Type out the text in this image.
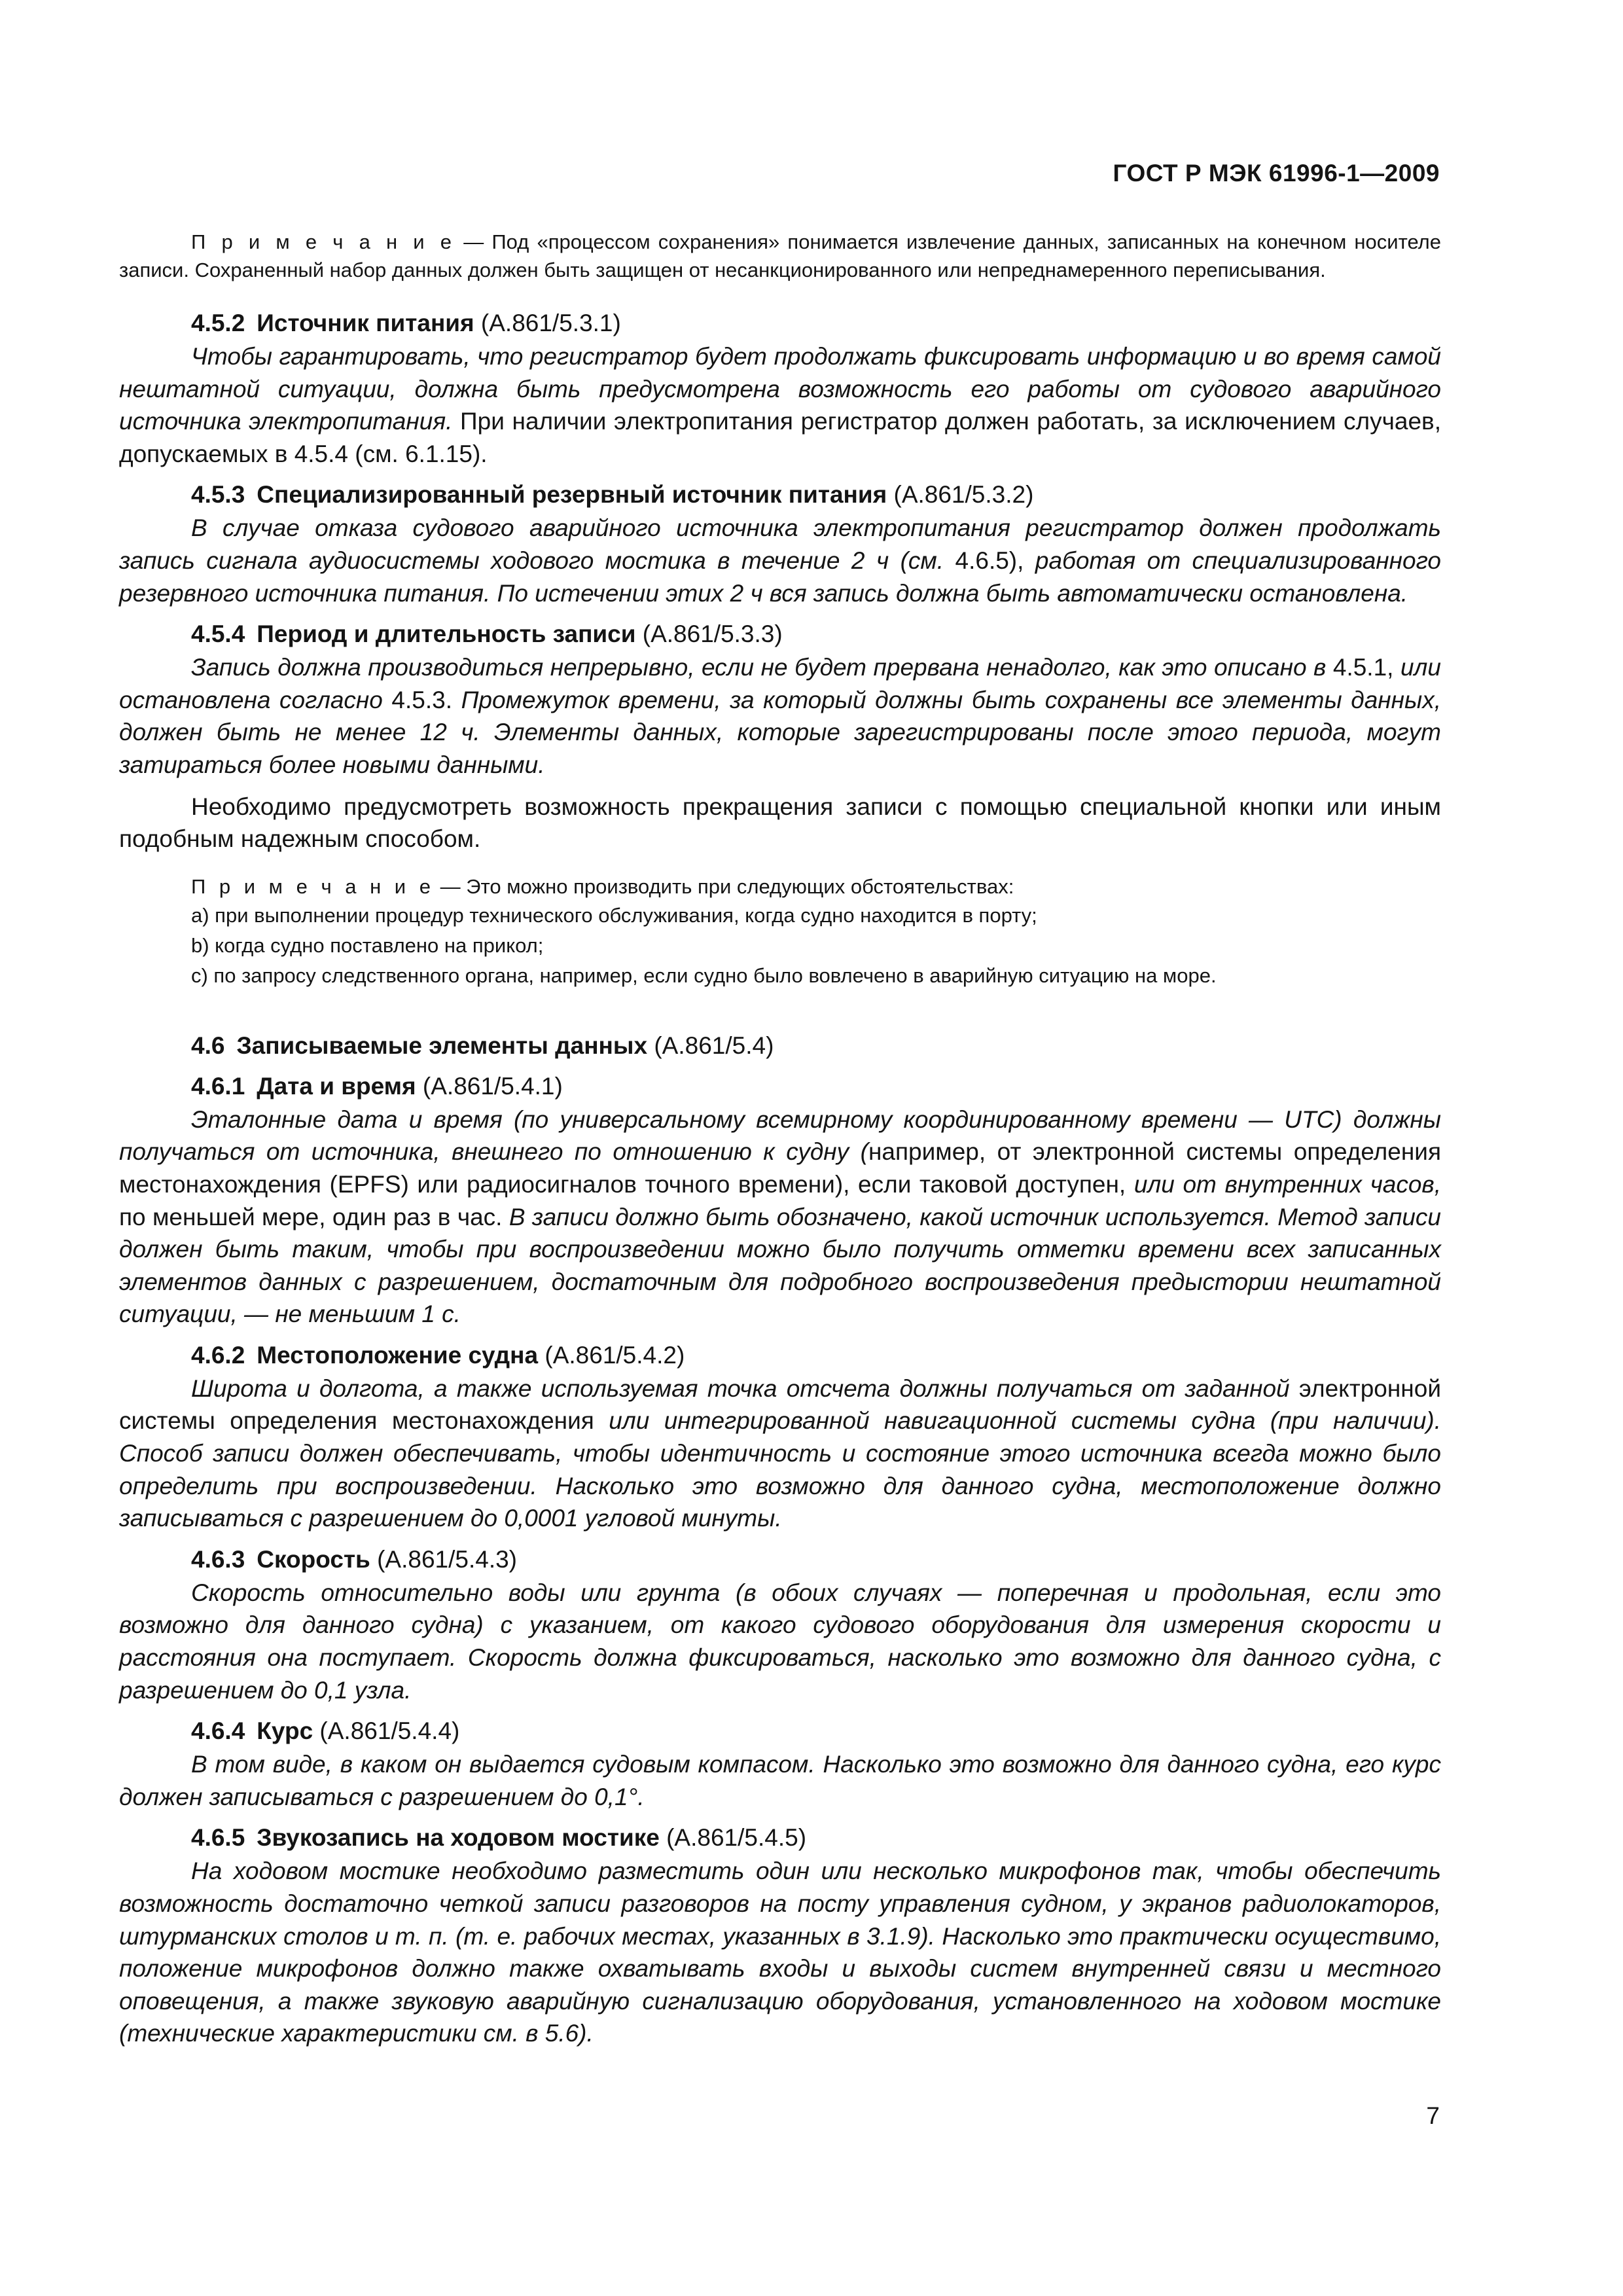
ГОСТ Р МЭК 61996-1—2009

П р и м е ч а н и е — Под «процессом сохранения» понимается извлечение данных, записанных на конечном носителе записи. Сохраненный набор данных должен быть защищен от несанкционированного или непреднамеренного переписывания.

4.5.2 Источник питания (А.861/5.3.1)

Чтобы гарантировать, что регистратор будет продолжать фиксировать информацию и во время самой нештатной ситуации, должна быть предусмотрена возможность его работы от судового аварийного источника электропитания. При наличии электропитания регистратор должен работать, за исключением случаев, допускаемых в 4.5.4 (см. 6.1.15).

4.5.3 Специализированный резервный источник питания (А.861/5.3.2)

В случае отказа судового аварийного источника электропитания регистратор должен продолжать запись сигнала аудиосистемы ходового мостика в течение 2 ч (см. 4.6.5), работая от специализированного резервного источника питания. По истечении этих 2 ч вся запись должна быть автоматически остановлена.

4.5.4 Период и длительность записи (А.861/5.3.3)

Запись должна производиться непрерывно, если не будет прервана ненадолго, как это описано в 4.5.1, или остановлена согласно 4.5.3. Промежуток времени, за который должны быть сохранены все элементы данных, должен быть не менее 12 ч. Элементы данных, которые зарегистрированы после этого периода, могут затираться более новыми данными.

Необходимо предусмотреть возможность прекращения записи с помощью специальной кнопки или иным подобным надежным способом.

П р и м е ч а н и е — Это можно производить при следующих обстоятельствах:

a) при выполнении процедур технического обслуживания, когда судно находится в порту;

b) когда судно поставлено на прикол;

c) по запросу следственного органа, например, если судно было вовлечено в аварийную ситуацию на море.

4.6 Записываемые элементы данных (А.861/5.4)

4.6.1 Дата и время (А.861/5.4.1)

Эталонные дата и время (по универсальному всемирному координированному времени — UTC) должны получаться от источника, внешнего по отношению к судну (например, от электронной системы определения местонахождения (EPFS) или радиосигналов точного времени), если таковой доступен, или от внутренних часов, по меньшей мере, один раз в час. В записи должно быть обозначено, какой источник используется. Метод записи должен быть таким, чтобы при воспроизведении можно было получить отметки времени всех записанных элементов данных с разрешением, достаточным для подробного воспроизведения предыстории нештатной ситуации, — не меньшим 1 с.

4.6.2 Местоположение судна (А.861/5.4.2)

Широта и долгота, а также используемая точка отсчета должны получаться от заданной электронной системы определения местонахождения или интегрированной навигационной системы судна (при наличии). Способ записи должен обеспечивать, чтобы идентичность и состояние этого источника всегда можно было определить при воспроизведении. Насколько это возможно для данного судна, местоположение должно записываться с разрешением до 0,0001 угловой минуты.

4.6.3 Скорость (А.861/5.4.3)

Скорость относительно воды или грунта (в обоих случаях — поперечная и продольная, если это возможно для данного судна) с указанием, от какого судового оборудования для измерения скорости и расстояния она поступает. Скорость должна фиксироваться, насколько это возможно для данного судна, с разрешением до 0,1 узла.

4.6.4 Курс (А.861/5.4.4)

В том виде, в каком он выдается судовым компасом. Насколько это возможно для данного судна, его курс должен записываться с разрешением до 0,1°.

4.6.5 Звукозапись на ходовом мостике (А.861/5.4.5)

На ходовом мостике необходимо разместить один или несколько микрофонов так, чтобы обеспечить возможность достаточно четкой записи разговоров на посту управления судном, у экранов радиолокаторов, штурманских столов и т. п. (т. е. рабочих местах, указанных в 3.1.9). Насколько это практически осуществимо, положение микрофонов должно также охватывать входы и выходы систем внутренней связи и местного оповещения, а также звуковую аварийную сигнализацию оборудования, установленного на ходовом мостике (технические характеристики см. в 5.6).

7
